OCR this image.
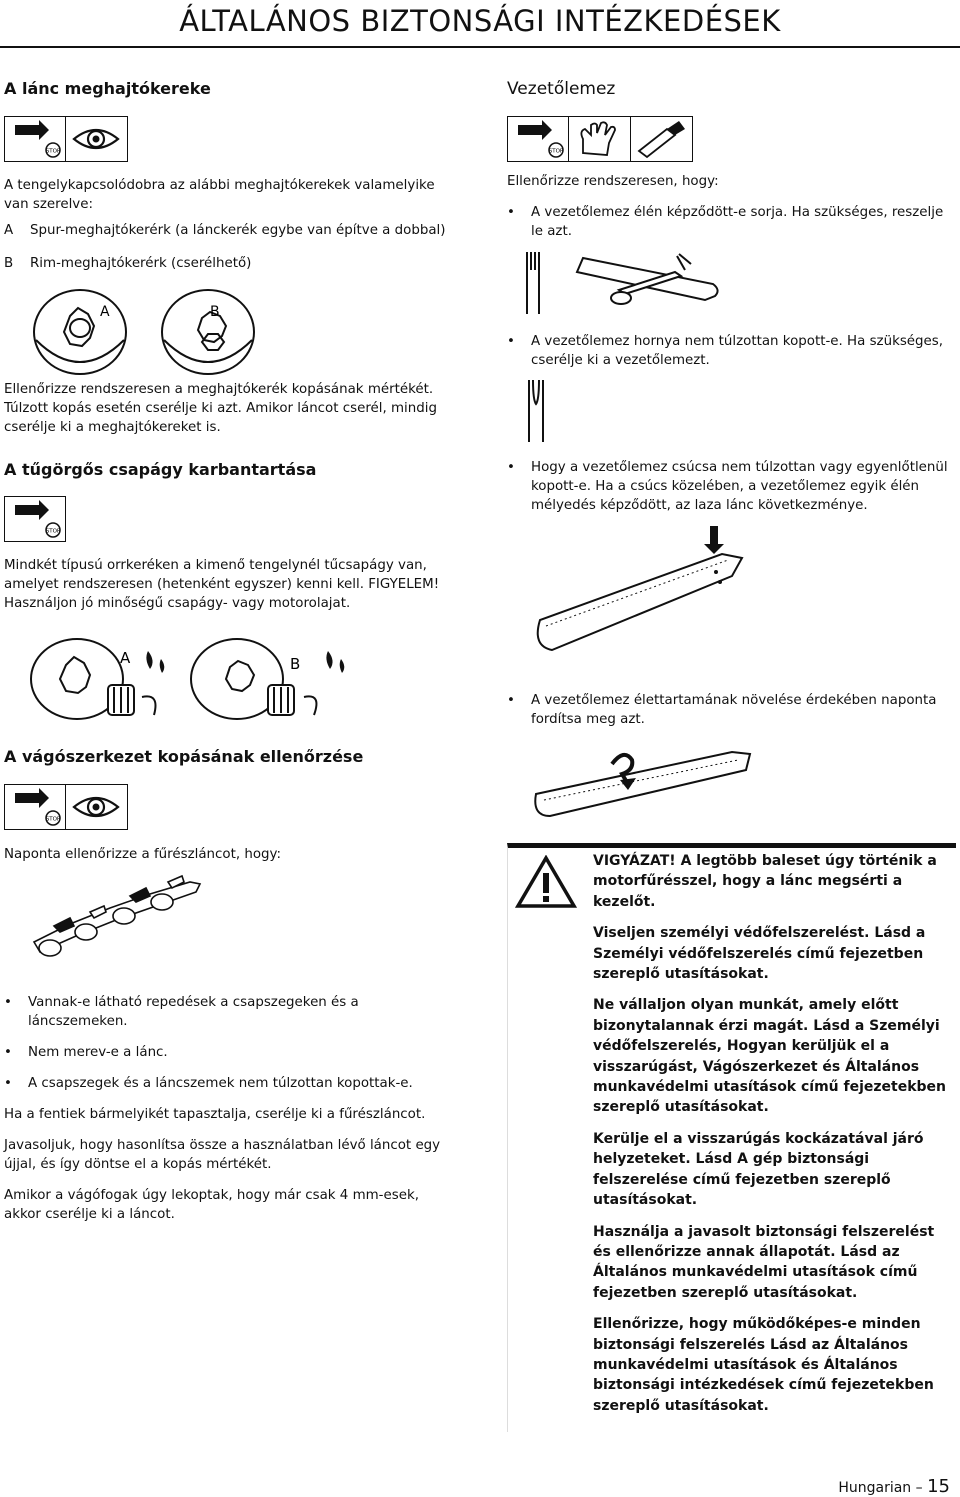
ÁLTALÁNOS BIZTONSÁGI INTÉZKEDÉSEK
A lánc meghajtókereke
STOP

A tengelykapcsolódobra az alábbi meghajtókerekek valamelyike van szerelve:

A Spur-meghajtókerérk (a lánckerék egybe van építve a dobbal)
B Rim-meghajtókerérk (cserélhető)
A	B

Ellenőrizze rendszeresen a meghajtókerék kopásának mértékét. Túlzott kopás esetén cserélje ki azt. Amikor láncot cserél, mindig cserélje ki a meghajtókereket is.

A tűgörgős csapágy karbantartása
STOP

Mindkét típusú orrkeréken a kimenő tengelynél tűcsapágy van, amelyet rendszeresen (hetenként egyszer) kenni kell. FIGYELEM! Használjon jó minőségű csapágy- vagy motorolajat.

A	B
A vágószerkezet kopásának ellenőrzése
STOP

Naponta ellenőrizze a fűrészláncot, hogy:

• Vannak-e látható repedések a csapszegeken és a láncszemeken.
• Nem merev-e a lánc.
• A csapszegek és a láncszemek nem túlzottan kopottak-e.

Ha a fentiek bármelyikét tapasztalja, cserélje ki a fűrészláncot.

Javasoljuk, hogy hasonlítsa össze a használatban lévő láncot egy újjal, és így döntse el a kopás mértékét.

Amikor a vágófogak úgy lekoptak, hogy már csak 4 mm-esek, akkor cserélje ki a láncot.

Vezetőlemez
STOP

Ellenőrizze rendszeresen, hogy:

• A vezetőlemez élén képződött-e sorja. Ha szükséges, reszelje le azt.
• A vezetőlemez hornya nem túlzottan kopott-e. Ha szükséges, cserélje ki a vezetőlemezt.
• Hogy a vezetőlemez csúcsa nem túlzottan vagy egyenlőtlenül kopott-e. Ha a csúcs közelében, a vezetőlemez egyik élén mélyedés képződött, az laza lánc következménye.
• A vezetőlemez élettartamának növelése érdekében naponta fordítsa meg azt.

VIGYÁZAT! A legtöbb baleset úgy történik a motorfűrésszel, hogy a lánc megsérti a kezelőt.

Viseljen személyi védőfelszerelést. Lásd a Személyi védőfelszerelés című fejezetben szereplő utasításokat.

Ne vállaljon olyan munkát, amely előtt bizonytalannak érzi magát. Lásd a Személyi védőfelszerelés, Hogyan kerüljük el a visszarúgást, Vágószerkezet és Általános munkavédelmi utasítások című fejezetekben szereplő utasításokat.

Kerülje el a visszarúgás kockázatával járó helyzeteket. Lásd A gép biztonsági felszerelése című fejezetben szereplő utasításokat.

Használja a javasolt biztonsági felszerelést és ellenőrizze annak állapotát. Lásd az Általános munkavédelmi utasítások című fejezetben szereplő utasításokat.

Ellenőrizze, hogy működőképes-e minden biztonsági felszerelés Lásd az Általános munkavédelmi utasítások és Általános biztonsági intézkedések című fejezetekben szereplő utasításokat.

Hungarian – 15
